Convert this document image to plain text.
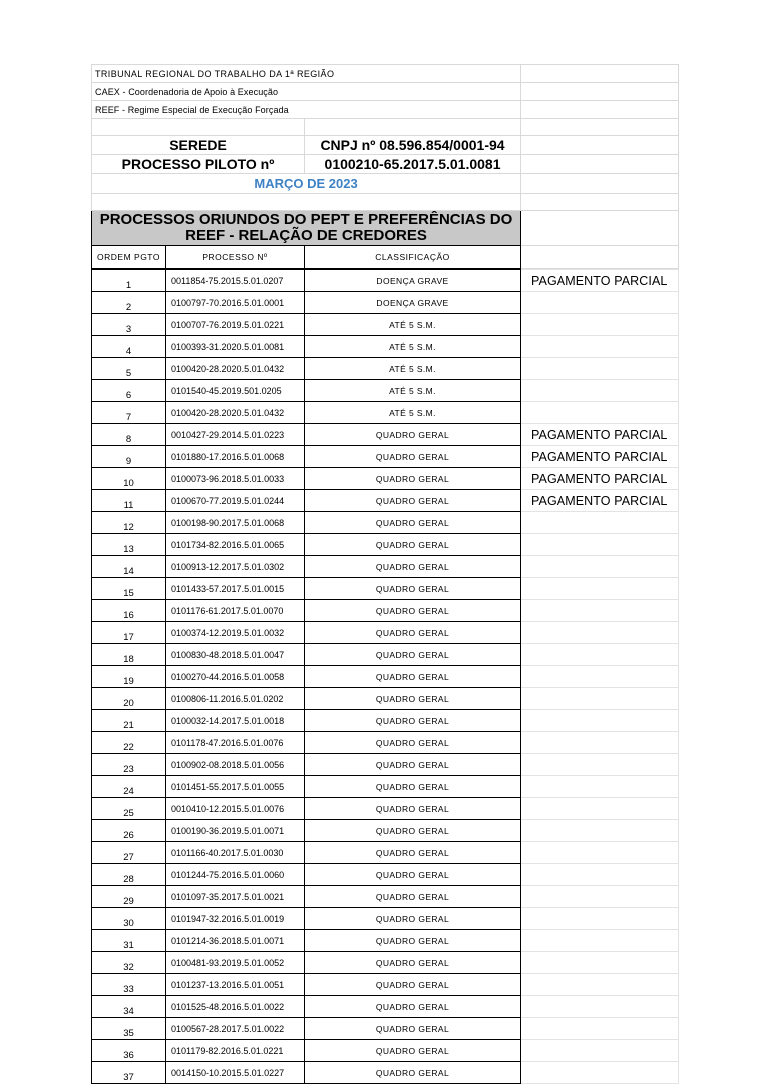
TRIBUNAL REGIONAL DO TRABALHO DA 1ª REGIÃO			
CAEX - Coordenadoria de Apoio à Execução			
REEF - Regime Especial de Execução Forçada			

SEREDE		CNPJ nº 08.596.854/0001-94	
PROCESSO PILOTO nº		0100210-65.2017.5.01.0081	
MARÇO DE 2023			

PROCESSOS ORIUNDOS DO PEPT E PREFERÊNCIAS DO REEF - RELAÇÃO DE CREDORES			
ORDEM PGTO	PROCESSO Nº	CLASSIFICAÇÃO	
1	0011854-75.2015.5.01.0207	DOENÇA GRAVE	PAGAMENTO PARCIAL
2	0100797-70.2016.5.01.0001	DOENÇA GRAVE	
3	0100707-76.2019.5.01.0221	ATÉ 5 S.M.	
4	0100393-31.2020.5.01.0081	ATÉ 5 S.M.	
5	0100420-28.2020.5.01.0432	ATÉ 5 S.M.	
6	0101540-45.2019.501.0205	ATÉ 5 S.M.	
7	0100420-28.2020.5.01.0432	ATÉ 5 S.M.	
8	0010427-29.2014.5.01.0223	QUADRO GERAL	PAGAMENTO PARCIAL
9	0101880-17.2016.5.01.0068	QUADRO GERAL	PAGAMENTO PARCIAL
10	0100073-96.2018.5.01.0033	QUADRO GERAL	PAGAMENTO PARCIAL
11	0100670-77.2019.5.01.0244	QUADRO GERAL	PAGAMENTO PARCIAL
12	0100198-90.2017.5.01.0068	QUADRO GERAL	
13	0101734-82.2016.5.01.0065	QUADRO GERAL	
14	0100913-12.2017.5.01.0302	QUADRO GERAL	
15	0101433-57.2017.5.01.0015	QUADRO GERAL	
16	0101176-61.2017.5.01.0070	QUADRO GERAL	
17	0100374-12.2019.5.01.0032	QUADRO GERAL	
18	0100830-48.2018.5.01.0047	QUADRO GERAL	
19	0100270-44.2016.5.01.0058	QUADRO GERAL	
20	0100806-11.2016.5.01.0202	QUADRO GERAL	
21	0100032-14.2017.5.01.0018	QUADRO GERAL	
22	0101178-47.2016.5.01.0076	QUADRO GERAL	
23	0100902-08.2018.5.01.0056	QUADRO GERAL	
24	0101451-55.2017.5.01.0055	QUADRO GERAL	
25	0010410-12.2015.5.01.0076	QUADRO GERAL	
26	0100190-36.2019.5.01.0071	QUADRO GERAL	
27	0101166-40.2017.5.01.0030	QUADRO GERAL	
28	0101244-75.2016.5.01.0060	QUADRO GERAL	
29	0101097-35.2017.5.01.0021	QUADRO GERAL	
30	0101947-32.2016.5.01.0019	QUADRO GERAL	
31	0101214-36.2018.5.01.0071	QUADRO GERAL	
32	0100481-93.2019.5.01.0052	QUADRO GERAL	
33	0101237-13.2016.5.01.0051	QUADRO GERAL	
34	0101525-48.2016.5.01.0022	QUADRO GERAL	
35	0100567-28.2017.5.01.0022	QUADRO GERAL	
36	0101179-82.2016.5.01.0221	QUADRO GERAL	
37	0014150-10.2015.5.01.0227	QUADRO GERAL	
